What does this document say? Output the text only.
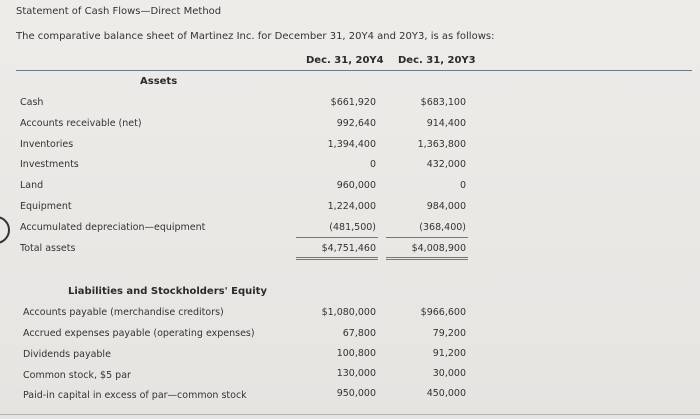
Statement of Cash Flows—Direct Method
The comparative balance sheet of Martinez Inc. for December 31, 20Y4 and 20Y3, is as follows:
Dec. 31, 20Y4 Dec. 31, 20Y3
Assets
Cash	$661,920	$683,100
Accounts receivable (net)	992,640	914,400
Inventories	1,394,400	1,363,800
Investments	0	432,000
Land	960,000	0
Equipment	1,224,000	984,000
Accumulated depreciation—equipment	(481,500)	(368,400)
Total assets	$4,751,460	$4,008,900
Liabilities and Stockholders' Equity
Accounts payable (merchandise creditors)	$1,080,000	$966,600
Accrued expenses payable (operating expenses)	67,800	79,200
Dividends payable	100,800	91,200
Common stock, $5 par	130,000	30,000
Paid-in capital in excess of par—common stock	950,000	450,000
